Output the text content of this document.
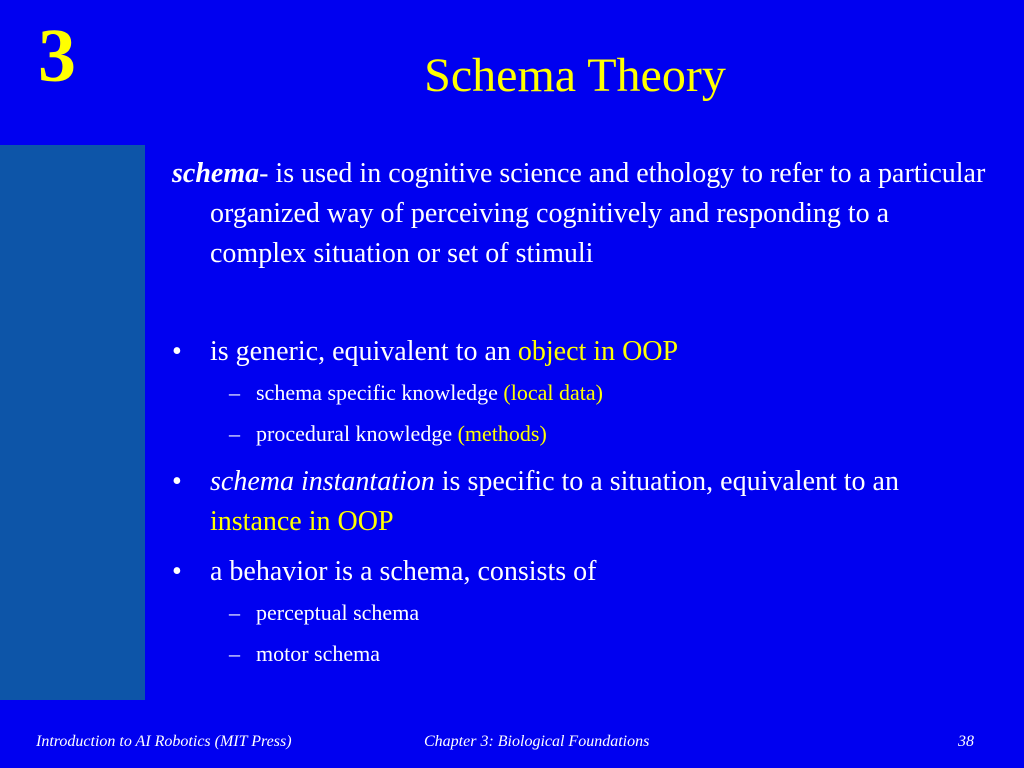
3	Schema Theory

schema- is used in cognitive science and ethology to refer to a particular organized way of perceiving cognitively and responding to a complex situation or set of stimuli

• is generic, equivalent to an object in OOP

– schema specific knowledge (local data)

– procedural knowledge (methods)

• schema instantation is specific to a situation, equivalent to an instance in OOP

• a behavior is a schema, consists of

– perceptual schema

– motor schema

Introduction to AI Robotics (MIT Press)	Chapter 3: Biological Foundations	38
